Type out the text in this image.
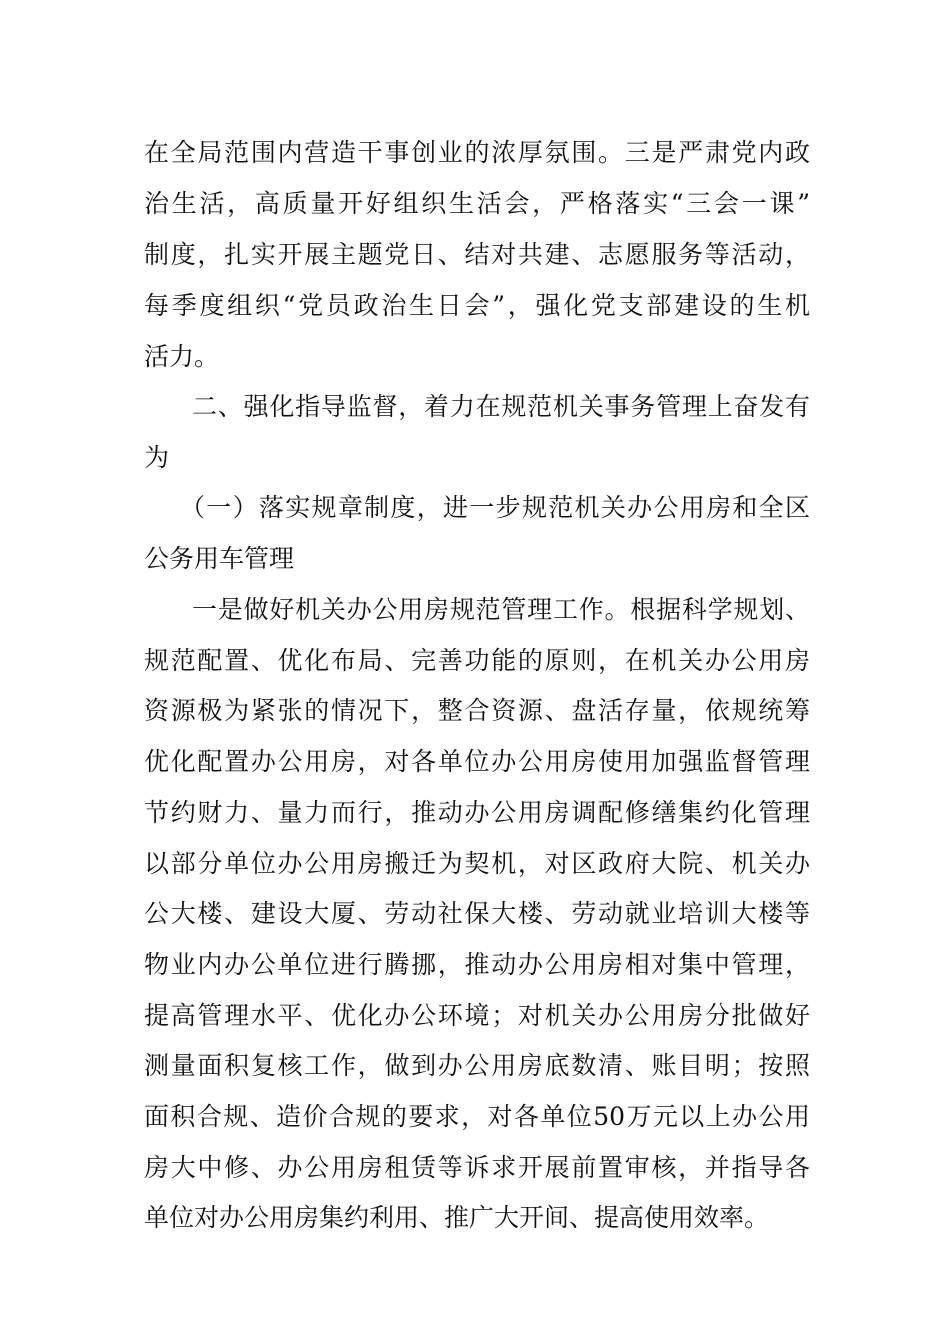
在全局范围内营造干事创业的浓厚氛围。三是严肃党内政
治生活，高质量开好组织生活会，严格落实“三会一课”
制度，扎实开展主题党日、结对共建、志愿服务等活动，
每季度组织“党员政治生日会”，强化党支部建设的生机
活力。
二、强化指导监督，着力在规范机关事务管理上奋发有
为
（一）落实规章制度，进一步规范机关办公用房和全区
公务用车管理
一是做好机关办公用房规范管理工作。根据科学规划、
规范配置、优化布局、完善功能的原则，在机关办公用房
资源极为紧张的情况下，整合资源、盘活存量，依规统筹
优化配置办公用房，对各单位办公用房使用加强监督管理
节约财力、量力而行，推动办公用房调配修缮集约化管理
以部分单位办公用房搬迁为契机，对区政府大院、机关办
公大楼、建设大厦、劳动社保大楼、劳动就业培训大楼等
物业内办公单位进行腾挪，推动办公用房相对集中管理，
提高管理水平、优化办公环境；对机关办公用房分批做好
测量面积复核工作，做到办公用房底数清、账目明；按照
面积合规、造价合规的要求，对各单位50万元以上办公用
房大中修、办公用房租赁等诉求开展前置审核，并指导各
单位对办公用房集约利用、推广大开间、提高使用效率。
